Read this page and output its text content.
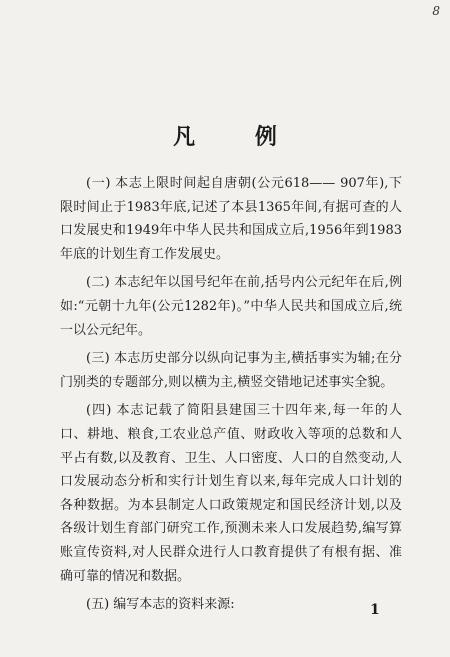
8
凡 例

(一) 本志上限时间起自唐朝(公元618—— 907年),下限时间止于1983年底,记述了本县1365年间,有据可查的人口发展史和1949年中华人民共和国成立后,1956年到1983年底的计划生育工作发展史。

(二) 本志纪年以国号纪年在前,括号内公元纪年在后,例如:“元朝十九年(公元1282年)。”中华人民共和国成立后,统一以公元纪年。

(三) 本志历史部分以纵向记事为主,横括事实为辅;在分门别类的专题部分,则以横为主,横竖交错地记述事实全貌。

(四) 本志记载了简阳县建国三十四年来,每一年的人口、耕地、粮食,工农业总产值、财政收入等项的总数和人平占有数,以及教育、卫生、人口密度、人口的自然变动,人口发展动态分析和实行计划生育以来,每年完成人口计划的各种数据。为本县制定人口政策规定和国民经济计划,以及各级计划生育部门研究工作,预测未来人口发展趋势,编写算账宣传资料,对人民群众进行人口教育提供了有根有据、准确可靠的情况和数据。

(五) 编写本志的资料来源:	1
